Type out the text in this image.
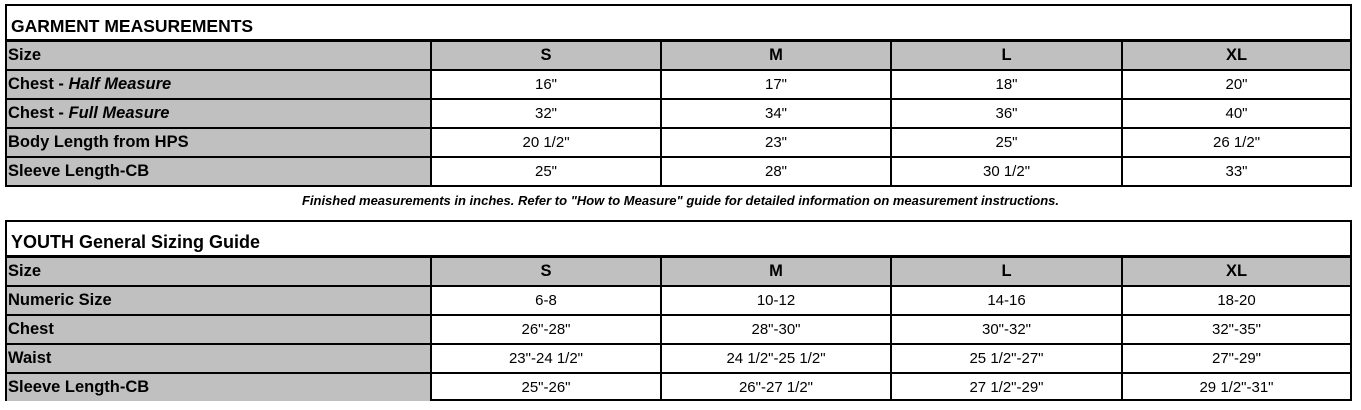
GARMENT MEASUREMENTS
Size	S	M	L	XL
Chest - Half Measure	16"	17"	18"	20"
Chest - Full Measure	32"	34"	36"	40"
Body Length from HPS	20 1/2"	23"	25"	26 1/2"
Sleeve Length-CB	25"	28"	30 1/2"	33"
Finished measurements in inches. Refer to "How to Measure" guide for detailed information on measurement instructions.
YOUTH General Sizing Guide
Size	S	M	L	XL
Numeric Size	6-8	10-12	14-16	18-20
Chest	26"-28"	28"-30"	30"-32"	32"-35"
Waist	23"-24 1/2"	24 1/2"-25 1/2"	25 1/2"-27"	27"-29"
Sleeve Length-CB	25"-26"	26"-27 1/2"	27 1/2"-29"	29 1/2"-31"
